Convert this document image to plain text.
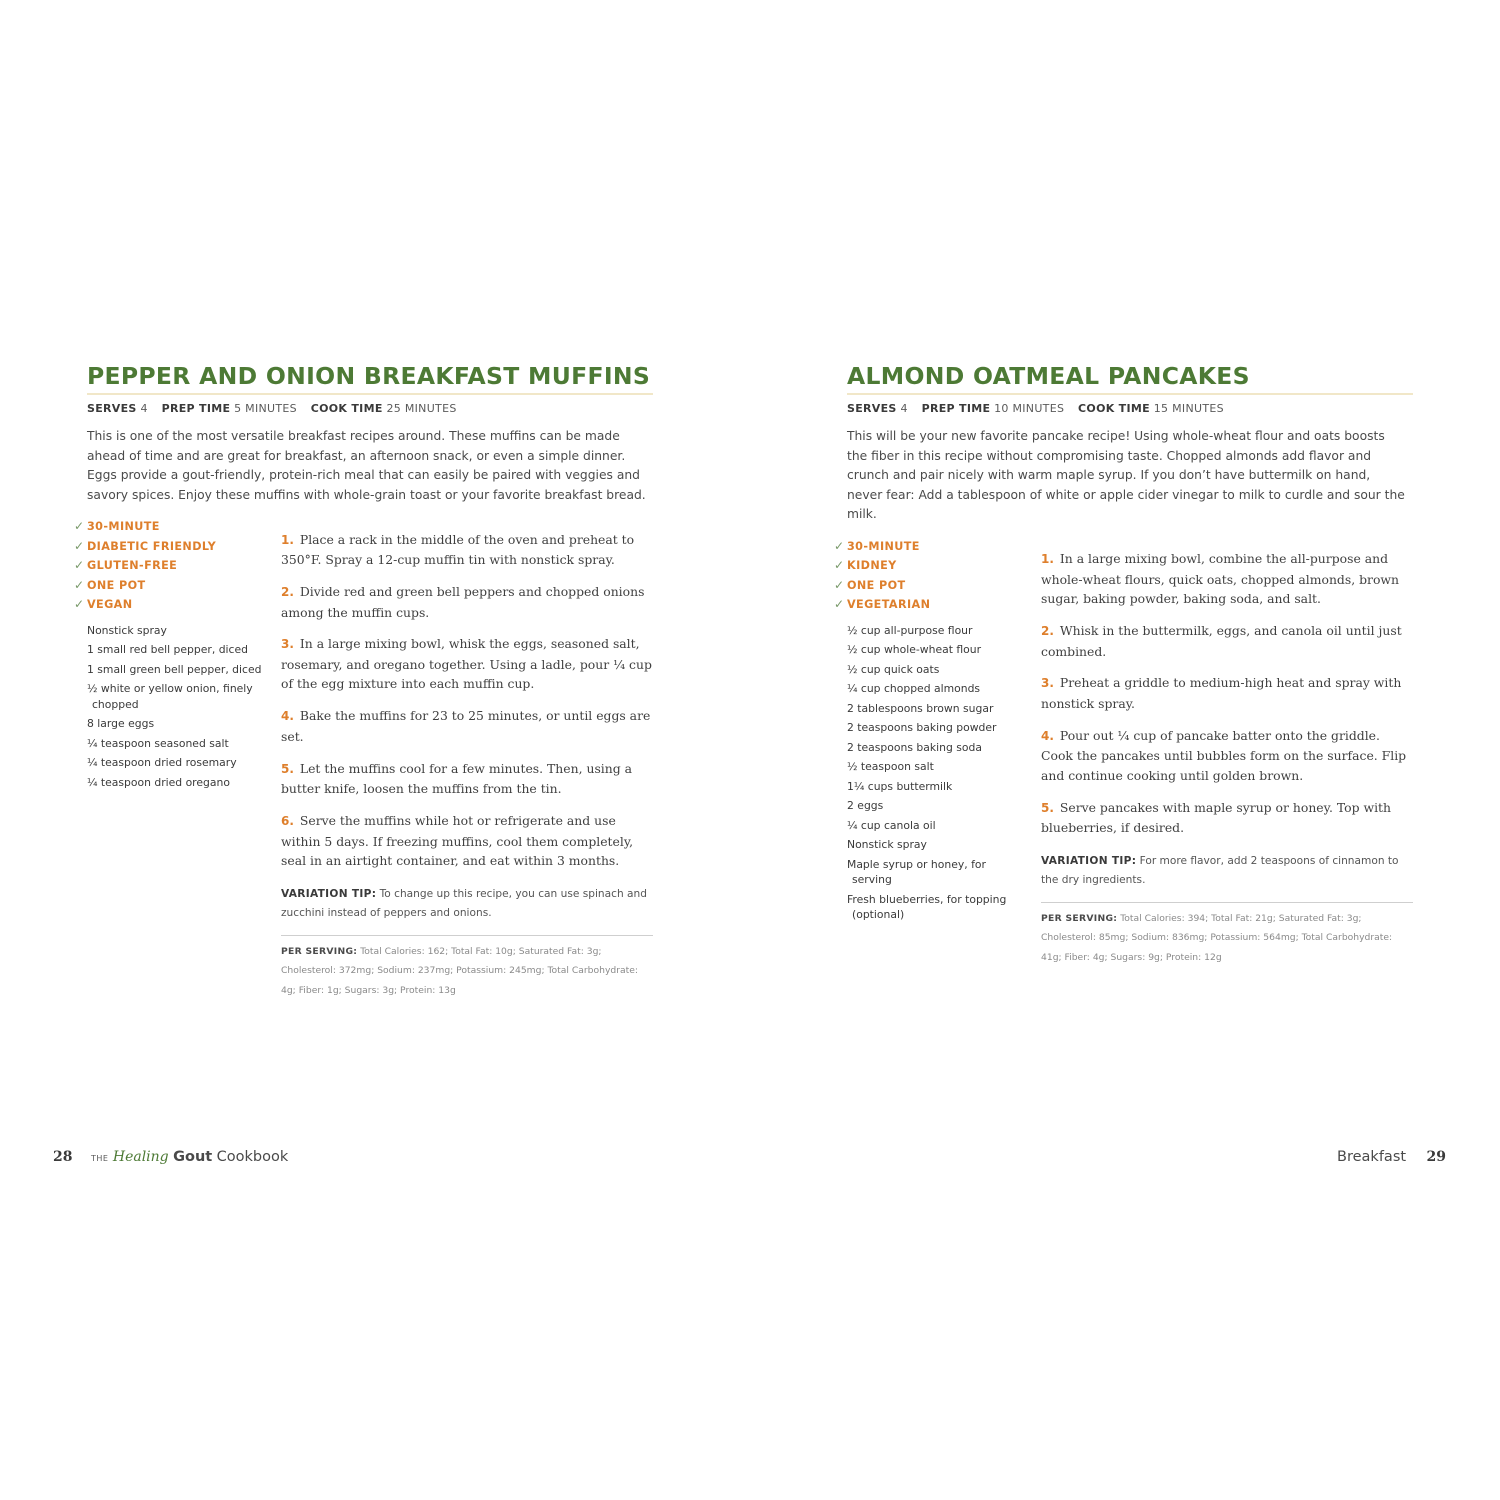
PEPPER AND ONION BREAKFAST MUFFINS
SERVES 4 PREP TIME 5 MINUTES COOK TIME 25 MINUTES

This is one of the most versatile breakfast recipes around. These muffins can be made ahead of time and are great for breakfast, an afternoon snack, or even a simple dinner. Eggs provide a gout-friendly, protein-rich meal that can easily be paired with veggies and savory spices. Enjoy these muffins with whole-grain toast or your favorite breakfast bread.

✓ 30-MINUTE
✓ DIABETIC FRIENDLY
✓ GLUTEN-FREE
✓ ONE POT
✓ VEGAN
Nonstick spray
1 small red bell pepper, diced
1 small green bell pepper, diced
½ white or yellow onion, finely chopped
8 large eggs
¼ teaspoon seasoned salt
¼ teaspoon dried rosemary
¼ teaspoon dried oregano

1. Place a rack in the middle of the oven and preheat to 350°F. Spray a 12-cup muffin tin with nonstick spray.

2. Divide red and green bell peppers and chopped onions among the muffin cups.

3. In a large mixing bowl, whisk the eggs, seasoned salt, rosemary, and oregano together. Using a ladle, pour ¼ cup of the egg mixture into each muffin cup.

4. Bake the muffins for 23 to 25 minutes, or until eggs are set.

5. Let the muffins cool for a few minutes. Then, using a butter knife, loosen the muffins from the tin.

6. Serve the muffins while hot or refrigerate and use within 5 days. If freezing muffins, cool them completely, seal in an airtight container, and eat within 3 months.

VARIATION TIP: To change up this recipe, you can use spinach and zucchini instead of peppers and onions.
PER SERVING: Total Calories: 162; Total Fat: 10g; Saturated Fat: 3g; Cholesterol: 372mg; Sodium: 237mg; Potassium: 245mg; Total Carbohydrate: 4g; Fiber: 1g; Sugars: 3g; Protein: 13g
28 THE Healing Gout Cookbook
ALMOND OATMEAL PANCAKES
SERVES 4 PREP TIME 10 MINUTES COOK TIME 15 MINUTES

This will be your new favorite pancake recipe! Using whole-wheat flour and oats boosts the fiber in this recipe without compromising taste. Chopped almonds add flavor and crunch and pair nicely with warm maple syrup. If you don’t have buttermilk on hand, never fear: Add a tablespoon of white or apple cider vinegar to milk to curdle and sour the milk.

✓ 30-MINUTE
✓ KIDNEY
✓ ONE POT
✓ VEGETARIAN
½ cup all-purpose flour
½ cup whole-wheat flour
½ cup quick oats
¼ cup chopped almonds
2 tablespoons brown sugar
2 teaspoons baking powder
2 teaspoons baking soda
½ teaspoon salt
1¼ cups buttermilk
2 eggs
¼ cup canola oil
Nonstick spray
Maple syrup or honey, for serving
Fresh blueberries, for topping (optional)

1. In a large mixing bowl, combine the all-purpose and whole-wheat flours, quick oats, chopped almonds, brown sugar, baking powder, baking soda, and salt.

2. Whisk in the buttermilk, eggs, and canola oil until just combined.

3. Preheat a griddle to medium-high heat and spray with nonstick spray.

4. Pour out ¼ cup of pancake batter onto the griddle. Cook the pancakes until bubbles form on the surface. Flip and continue cooking until golden brown.

5. Serve pancakes with maple syrup or honey. Top with blueberries, if desired.

VARIATION TIP: For more flavor, add 2 teaspoons of cinnamon to the dry ingredients.
PER SERVING: Total Calories: 394; Total Fat: 21g; Saturated Fat: 3g; Cholesterol: 85mg; Sodium: 836mg; Potassium: 564mg; Total Carbohydrate: 41g; Fiber: 4g; Sugars: 9g; Protein: 12g
Breakfast 29
